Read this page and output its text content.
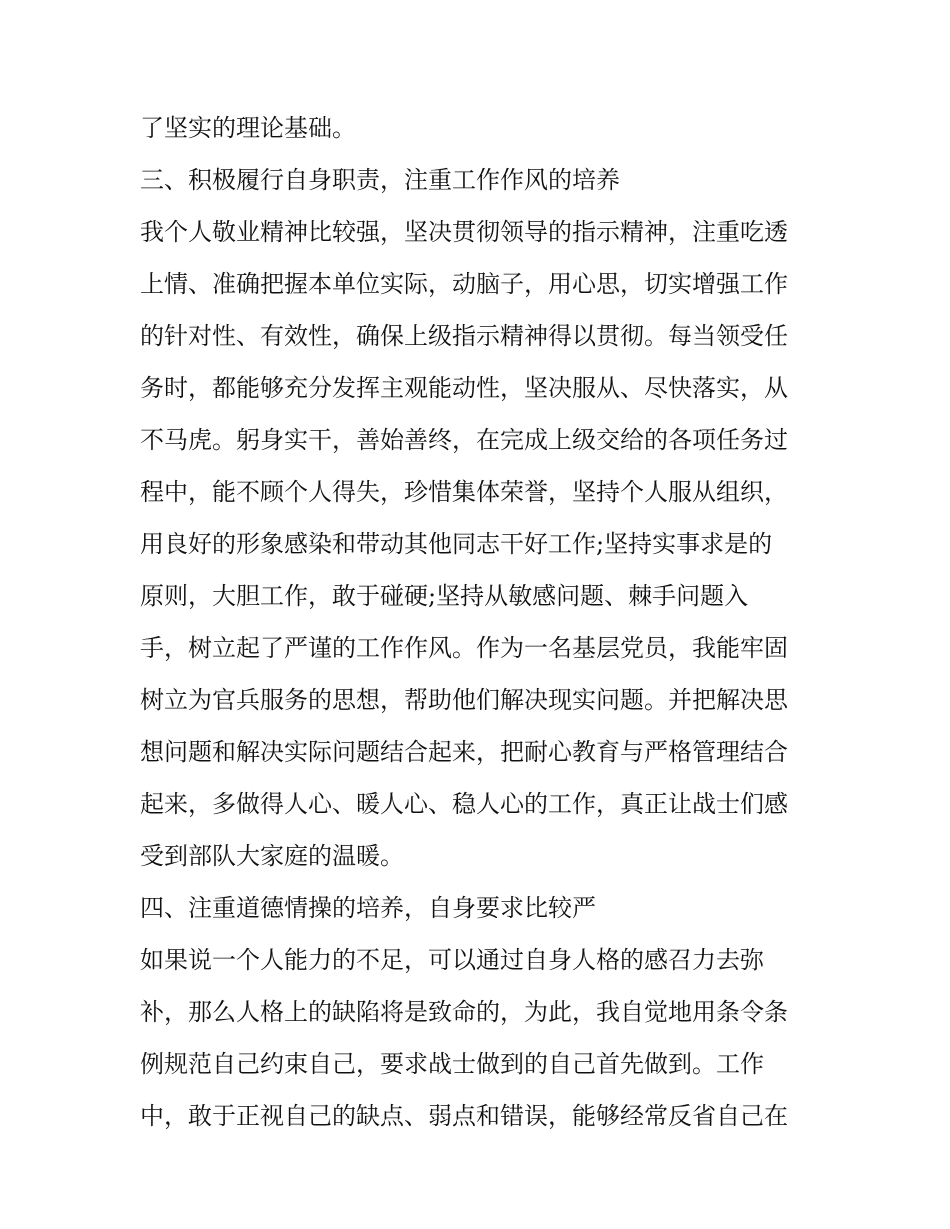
了坚实的理论基础。
三、积极履行自身职责，注重工作作风的培养
我个人敬业精神比较强，坚决贯彻领导的指示精神，注重吃透
上情、准确把握本单位实际，动脑子，用心思，切实增强工作
的针对性、有效性，确保上级指示精神得以贯彻。每当领受任
务时，都能够充分发挥主观能动性，坚决服从、尽快落实，从
不马虎。躬身实干，善始善终，在完成上级交给的各项任务过
程中，能不顾个人得失，珍惜集体荣誉，坚持个人服从组织，
用良好的形象感染和带动其他同志干好工作;坚持实事求是的
原则，大胆工作，敢于碰硬;坚持从敏感问题、棘手问题入
手，树立起了严谨的工作作风。作为一名基层党员，我能牢固
树立为官兵服务的思想，帮助他们解决现实问题。并把解决思
想问题和解决实际问题结合起来，把耐心教育与严格管理结合
起来，多做得人心、暖人心、稳人心的工作，真正让战士们感
受到部队大家庭的温暖。
四、注重道德情操的培养，自身要求比较严
如果说一个人能力的不足，可以通过自身人格的感召力去弥
补，那么人格上的缺陷将是致命的，为此，我自觉地用条令条
例规范自己约束自己，要求战士做到的自己首先做到。工作
中，敢于正视自己的缺点、弱点和错误，能够经常反省自己在
